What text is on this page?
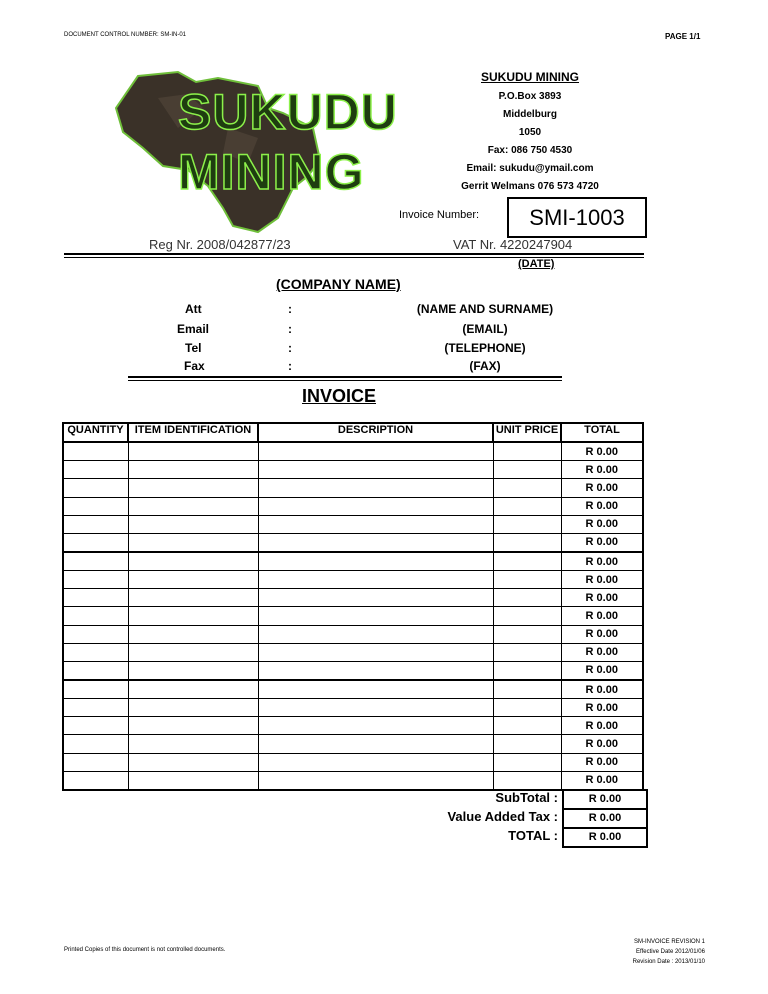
DOCUMENT CONTROL NUMBER: SM-IN-01	PAGE 1/1
SUKUDU
MINING
SUKUDU MINING
P.O.Box 3893
Middelburg
1050
Fax: 086 750 4530
Email: sukudu@ymail.com
Gerrit Welmans 076 573 4720
Invoice Number:	SMI-1003
Reg Nr. 2008/042877/23	VAT Nr. 4220247904
(DATE)
(COMPANY NAME)
Att	:	(NAME AND SURNAME)
Email	:	(EMAIL)
Tel	:	(TELEPHONE)
Fax	:	(FAX)
INVOICE
QUANTITY	ITEM IDENTIFICATION	DESCRIPTION	UNIT PRICE	TOTAL
				R 0.00
				R 0.00
				R 0.00
				R 0.00
				R 0.00
				R 0.00
				R 0.00
				R 0.00
				R 0.00
				R 0.00
				R 0.00
				R 0.00
				R 0.00
				R 0.00
				R 0.00
				R 0.00
				R 0.00
				R 0.00
				R 0.00
SubTotal :	R 0.00
Value Added Tax :	R 0.00
TOTAL :	R 0.00
Printed Copies of this document is not controlled documents.
SM-INVOICE REVISION 1
Effective Date 2012/01/06
Revision Date : 2013/01/10
